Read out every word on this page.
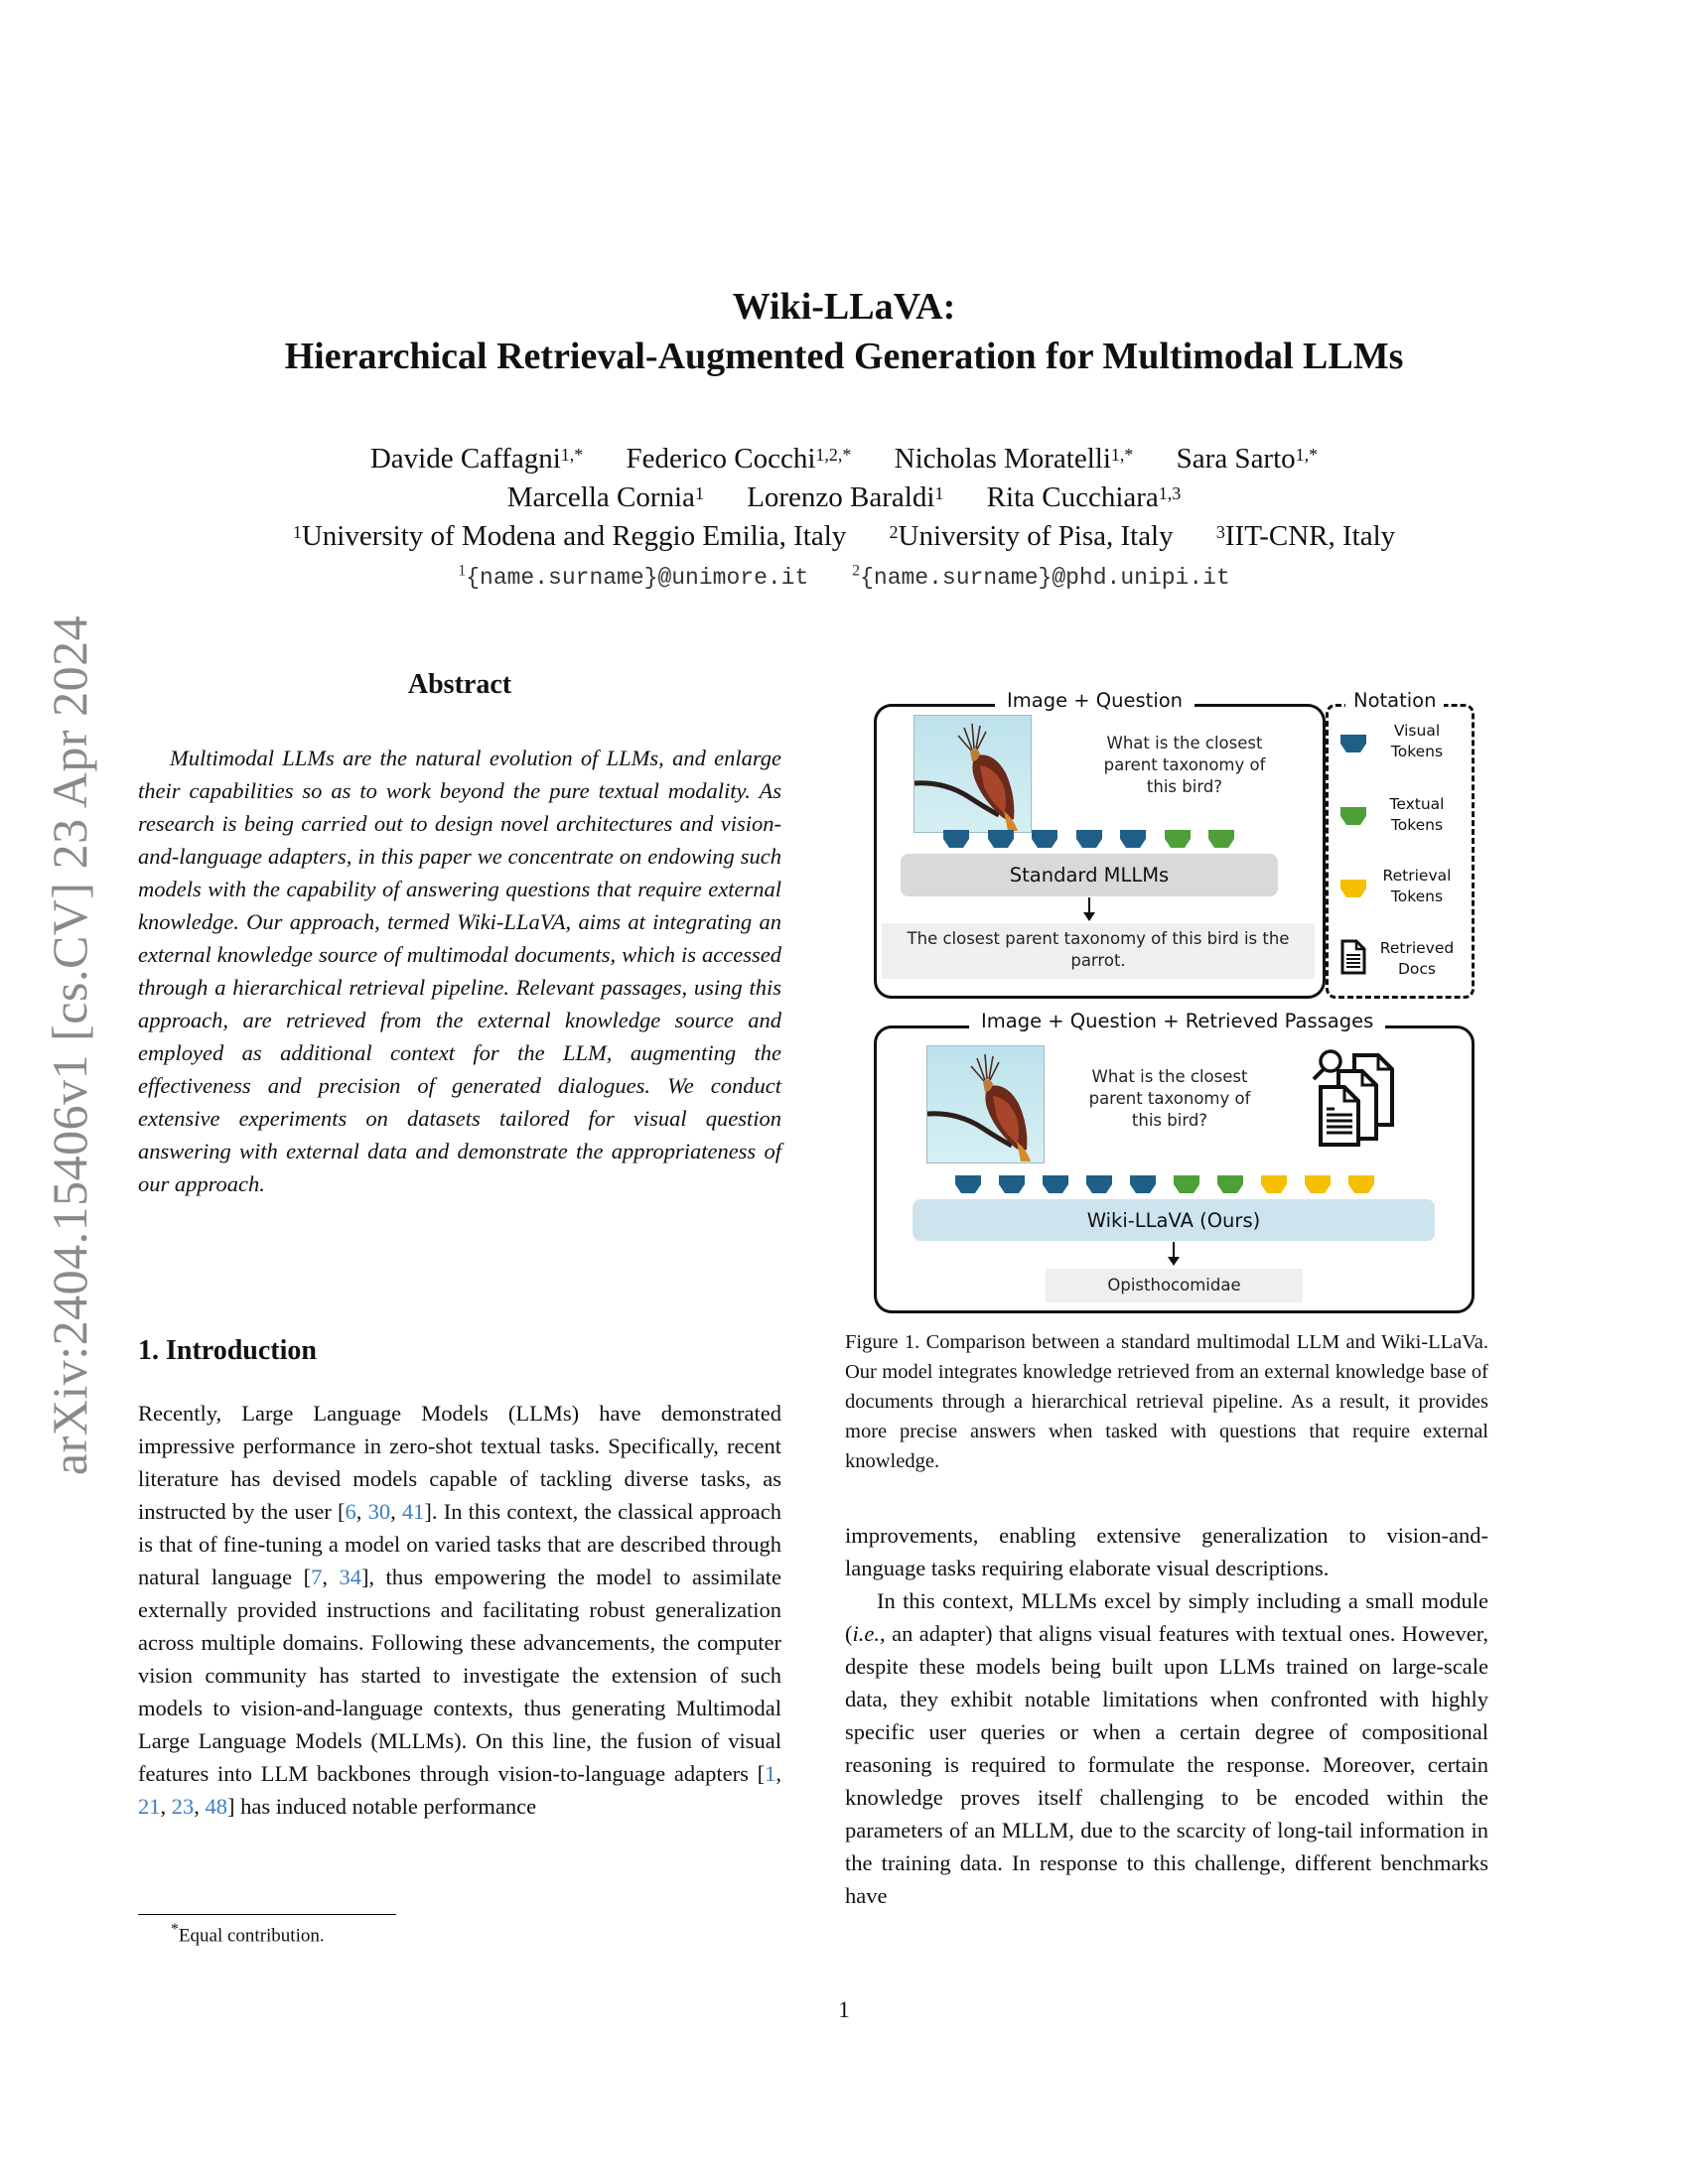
arXiv:2404.15406v1 [cs.CV] 23 Apr 2024
Wiki-LLaVA:
Hierarchical Retrieval-Augmented Generation for Multimodal LLMs
Davide Caffagni$^{1,*}$ Federico Cocchi$^{1,2,*}$ Nicholas Moratelli$^{1,*}$ Sara Sarto$^{1,*}$
Marcella Cornia$^1$ Lorenzo Baraldi$^1$ Rita Cucchiara$^{1,3}$
$^1$University of Modena and Reggio Emilia, Italy $^2$University of Pisa, Italy $^3$IIT-CNR, Italy
$^1${name.surname}@unimore.it	$^2${name.surname}@phd.unipi.it
Abstract

Multimodal LLMs are the natural evolution of LLMs, and enlarge their capabilities so as to work beyond the pure textual modality. As research is being carried out to design novel architectures and vision-and-language adapters, in this paper we concentrate on endowing such models with the capability of answering questions that require external knowledge. Our approach, termed Wiki-LLaVA, aims at integrating an external knowledge source of multimodal documents, which is accessed through a hierarchical retrieval pipeline. Relevant passages, using this approach, are retrieved from the external knowledge source and employed as additional context for the LLM, augmenting the effectiveness and precision of generated dialogues. We conduct extensive experiments on datasets tailored for visual question answering with external data and demonstrate the appropriateness of our approach.

1. Introduction

Recently, Large Language Models (LLMs) have demonstrated impressive performance in zero-shot textual tasks. Specifically, recent literature has devised models capable of tackling diverse tasks, as instructed by the user [6, 30, 41]. In this context, the classical approach is that of fine-tuning a model on varied tasks that are described through natural language [7, 34], thus empowering the model to assimilate externally provided instructions and facilitating robust generalization across multiple domains. Following these advancements, the computer vision community has started to investigate the extension of such models to vision-and-language contexts, thus generating Multimodal Large Language Models (MLLMs). On this line, the fusion of visual features into LLM backbones through vision-to-language adapters [1, 21, 23, 48] has induced notable performance

*Equal contribution.
1
Image + Question
What is the closest parent taxonomy of this bird?
Standard MLLMs
The closest parent taxonomy of this bird is the parrot.
Notation
Visual Tokens
Textual Tokens
Retrieval Tokens
Retrieved Docs
Image + Question + Retrieved Passages
What is the closest parent taxonomy of this bird?
Wiki-LLaVA (Ours)
Opisthocomidae

Figure 1. Comparison between a standard multimodal LLM and Wiki-LLaVa. Our model integrates knowledge retrieved from an external knowledge base of documents through a hierarchical retrieval pipeline. As a result, it provides more precise answers when tasked with questions that require external knowledge.

improvements, enabling extensive generalization to vision-and-language tasks requiring elaborate visual descriptions.

In this context, MLLMs excel by simply including a small module (i.e., an adapter) that aligns visual features with textual ones. However, despite these models being built upon LLMs trained on large-scale data, they exhibit notable limitations when confronted with highly specific user queries or when a certain degree of compositional reasoning is required to formulate the response. Moreover, certain knowledge proves itself challenging to be encoded within the parameters of an MLLM, due to the scarcity of long-tail information in the training data. In response to this challenge, different benchmarks have
